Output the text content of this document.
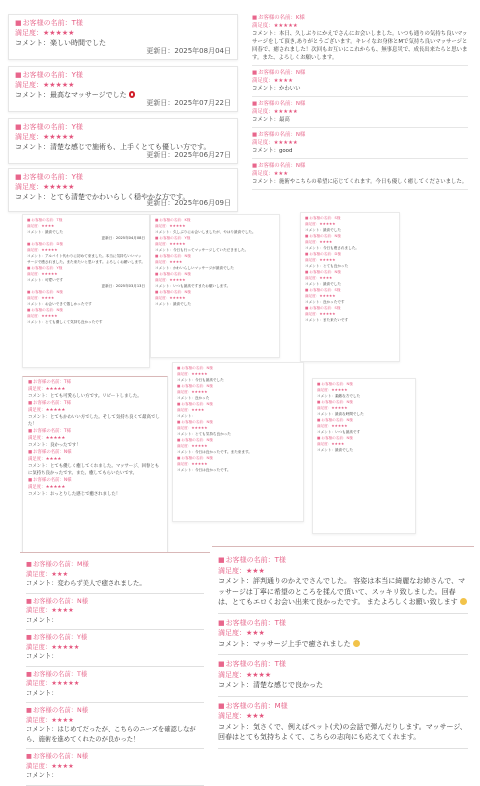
■ お客様の名前：T様
満足度：★★★★★
コメント：楽しい時間でした
更新日：2025年08月04日
■ お客様の名前：Y様
満足度：★★★★★
コメント：最高なマッサージでした
更新日：2025年07月22日
■ お客様の名前：Y様
満足度：★★★★★
コメント：清楚な感じで施術も、上手くとても優しい方です。
更新日：2025年06月27日
■ お客様の名前：Y様
満足度：★★★★★
コメント：とても清楚でかわいらしく穏やかな方です。
更新日：2025年06月09日
■ お客様の名前：K様
満足度：★★★★★
コメント：本日、久しぶりにかえでさんにお会いしました。いつも通りの気持ち良いマッサージをして頂き,ありがとうございます。キレイなお身体とMで気持ち良いマッサージと回春で、癒されました！次回もお互いにこれからも、無事息災で、成長出来たらと思います。また、よろしくお願いします。
■ お客様の名前：N様
満足度：★★★★
コメント：かわいい
■ お客様の名前：N様
満足度：★★★★★
コメント：最高
■ お客様の名前：N様
満足度：★★★★★
コメント：good
■ お客様の名前：N様
満足度：★★★
コメント：施術やこちらの希望に応じてくれます。今日も優しく癒してくださいました。
■ お客様の名前：T様
満足度：★★★★
コメント：最高でした
更新日：2025年04月08日
■ お客様の名前：D様
満足度：★★★★★
コメント：アルバイト代わりに初めて来ました。本当に気持ちいいマッサージで癒されました。また来たいと思います。よろしくお願いします。
■ お客様の名前：Y様
満足度：★★★★★
コメント：可愛いです
更新日：2025年03月13日
■ お客様の名前：N様
満足度：★★★★
コメント：お会いできて嬉しかったです
■ お客様の名前：N様
満足度：★★★★★
コメント：とても優しくて気持ち良かったです
■ お客様の名前：K様
満足度：★★★★★
コメント：久しぶりにお会いしましたが、やはり最高でした。
■ お客様の名前：Y様
満足度：★★★★★
コメント：今日も行ってマッサージしていただきました。
■ お客様の名前：N様
満足度：★★★★
コメント：かわいらしいマッサージが最高でした
■ お客様の名前：N様
満足度：★★★★★
コメント：いつも最高ですまたお願いします。
■ お客様の名前：N様
満足度：★★★★★
コメント：最高でした
■ お客様の名前：S様
満足度：★★★★★
コメント：最高でした
■ お客様の名前：N様
満足度：★★★★
コメント：今日も癒されました。
■ お客様の名前：D様
満足度：★★★★★
コメント：とても良かった
■ お客様の名前：N様
満足度：★★★★
コメント：最高でした
■ お客様の名前：S様
満足度：★★★★★
コメント：良かったです
■ お客様の名前：S様
満足度：★★★★★
コメント：また来たいです
■ お客様の名前：N様
満足度：★★★★★
コメント：今日も最高でした
■ お客様の名前：N様
満足度：★★★★★
コメント：良かった
■ お客様の名前：N様
満足度：★★★★
コメント：
■ お客様の名前：N様
満足度：★★★★★
コメント：とても気持ち良かった
■ お客様の名前：N様
満足度：★★★★★
コメント：今日は良かったです。また来ます。
■ お客様の名前：N様
満足度：★★★★★
コメント：今日は良かったです。
■ お客様の名前：N様
満足度：★★★★★
コメント：素敵な方でした
■ お客様の名前：N様
満足度：★★★★★
コメント：最高な時間でした
■ お客様の名前：N様
満足度：★★★★★
コメント：いつも最高です
■ お客様の名前：N様
満足度：★★★★
コメント：最高でした
■ お客様の名前：T様
満足度：★★★★★
コメント：とても可愛らしい方です。リピートしました。
■ お客様の名前：T様
満足度：★★★★★
コメント：とてもかわいい方でした。そして気持ち良くて最高でした！
■ お客様の名前：T様
満足度：★★★★★
コメント：良かったです！
■ お客様の名前：N様
満足度：★★★★
コメント：とても優しく癒してくれました。マッサージ、回春ともに気持ち良かったです。また、癒してもらいたいです。
■ お客様の名前：N様
満足度：★★★★★
コメント：おっとりした感じで癒されました！
■ お客様の名前：M様
満足度：★★★
コメント：変わらず美人で癒されました。
■ お客様の名前：N様
満足度：★★★★
コメント：
■ お客様の名前：Y様
満足度：★★★★★
コメント：
■ お客様の名前：T様
満足度：★★★★★
コメント：
■ お客様の名前：N様
満足度：★★★★
コメント：はじめてだったが、こちらのニーズを確認しながら、施術を進めてくれたのが良かった！
■ お客様の名前：N様
満足度：★★★★
コメント：
■ お客様の名前：T様
満足度：★★★
コメント：評判通りのかえでさんでした。 容姿は本当に綺麗なお姉さんで、マッサージは丁寧に希望のところを揉んで頂いて、スッキリ致しました。回春は、とてもエロくお会い出来て良かったです。 またよろしくお願い致します
■ お客様の名前：T様
満足度：★★★
コメント：マッサージ上手で癒されました
■ お客様の名前：T様
満足度：★★★★
コメント：清楚な感じで良かった
■ お客様の名前：M様
満足度：★★★
コメント：気さくで、例えばペット(犬)の会話で弾んだりします。マッサージ、回春はとても気持ちよくて、こちらの志向にも応えてくれます。
